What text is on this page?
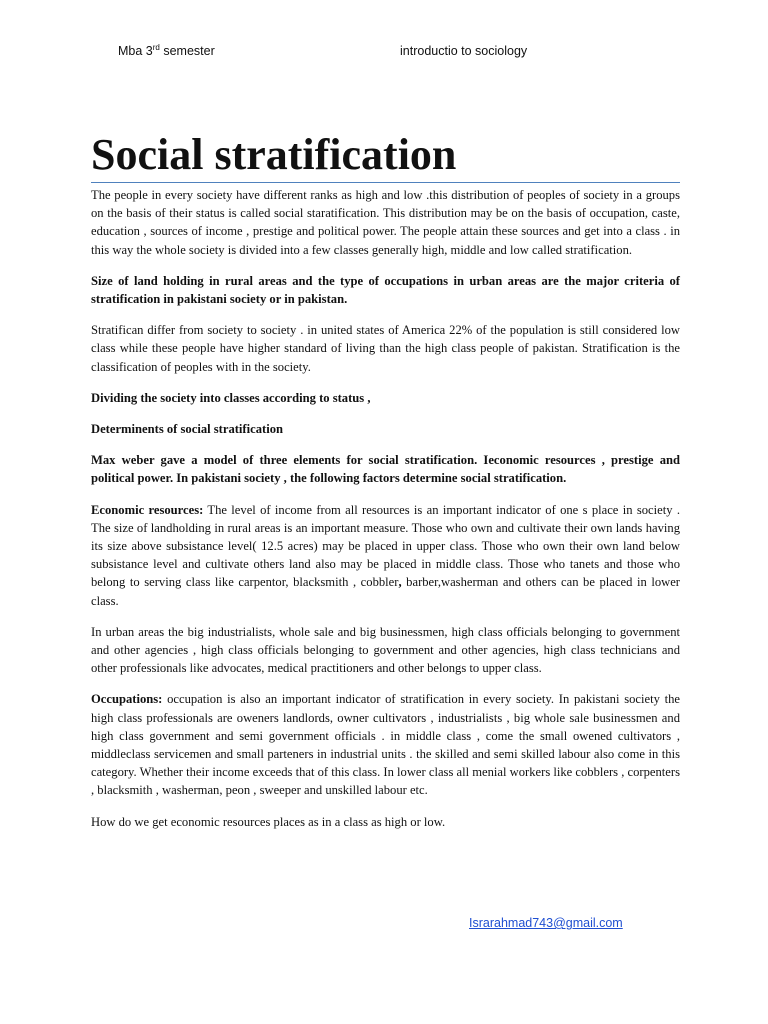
Mba 3rd semester	introductio to sociology
Social stratification

The people in every society have different ranks as high and low .this distribution of peoples of society in a groups on the basis of their status is called social staratification. This distribution may be on the basis of occupation, caste, education , sources of income , prestige and political power. The people attain these sources and get into a class . in this way the whole society is divided into a few classes generally high, middle and low called stratification.

Size of land holding in rural areas and the type of occupations in urban areas are the major criteria of stratification in pakistani society or in pakistan.

Stratifican differ from society to society . in united states of America 22% of the population is still considered low class while these people have higher standard of living than the high class people of pakistan. Stratification is the classification of peoples with in the society.

Dividing the society into classes according to status ,

Determinents of social stratification

Max weber gave a model of three elements for social stratification. Ieconomic resources , prestige and political power. In pakistani society , the following factors determine social stratification.

Economic resources: The level of income from all resources is an important indicator of one s place in society . The size of landholding in rural areas is an important measure. Those who own and cultivate their own lands having its size above subsistance level( 12.5 acres) may be placed in upper class. Those who own their own land below subsistance level and cultivate others land also may be placed in middle class. Those who tanets and those who belong to serving class like carpentor, blacksmith , cobbler, barber,washerman and others can be placed in lower class.

In urban areas the big industrialists, whole sale and big businessmen, high class officials belonging to government and other agencies , high class officials belonging to government and other agencies, high class technicians and other professionals like advocates, medical practitioners and other belongs to upper class.

Occupations: occupation is also an important indicator of stratification in every society. In pakistani society the high class professionals are oweners landlords, owner cultivators , industrialists , big whole sale businessmen and high class government and semi government officials . in middle class , come the small owened cultivators , middleclass servicemen and small parteners in industrial units . the skilled and semi skilled labour also come in this category. Whether their income exceeds that of this class. In lower class all menial workers like cobblers , corpenters , blacksmith , washerman, peon , sweeper and unskilled labour etc.

How do we get economic resources places as in a class as high or low.

Israrahmad743@gmail.com
